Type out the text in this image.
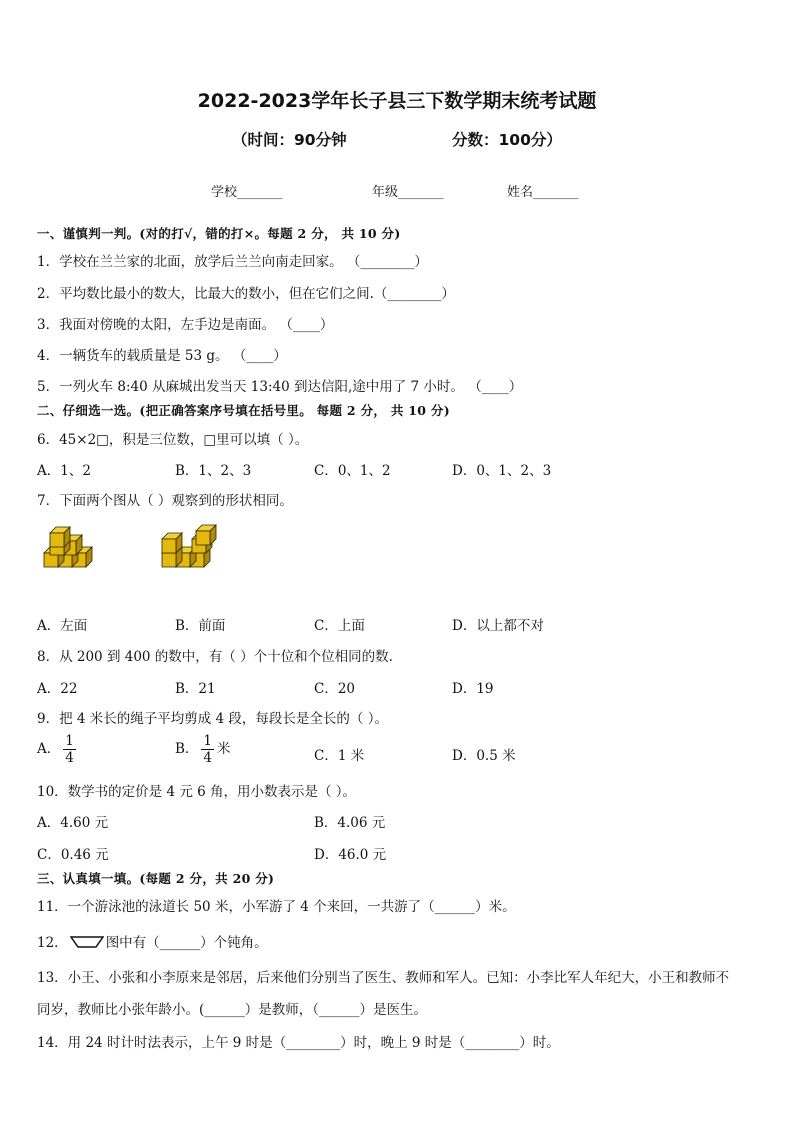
2022-2023学年长子县三下数学期末统考试题
（时间：90分钟	分数：100分）
学校_______	年级_______	姓名_______
一、谨慎判一判。(对的打√，错的打×。每题 2 分， 共 10 分)
1．学校在兰兰家的北面，放学后兰兰向南走回家。 （________）
2．平均数比最小的数大，比最大的数小，但在它们之间.（________）
3．我面对傍晚的太阳，左手边是南面。 （____）
4．一辆货车的载质量是 53 g。 （____）
5．一列火车 8:40 从麻城出发当天 13:40 到达信阳,途中用了 7 小时。 （____）
二、仔细选一选。(把正确答案序号填在括号里。 每题 2 分， 共 10 分)
6．45×2□，积是三位数，□里可以填（ ）。
A．1、2	B．1、2、3	C．0、1、2	D．0、1、2、3
7．下面两个图从（ ）观察到的形状相同。
A．左面	B．前面	C．上面	D．以上都不对
8．从 200 到 400 的数中，有（ ）个十位和个位相同的数.
A．22	B．21	C．20	D．19
9．把 4 米长的绳子平均剪成 4 段，每段长是全长的（ ）。
A． $\frac{1}{4}$	B． $\frac{1}{4}$ 米	C．1 米	D．0.5 米
10．数学书的定价是 4 元 6 角，用小数表示是（ ）。
A．4.60 元	B．4.06 元
C．0.46 元	D．46.0 元
三、认真填一填。(每题 2 分，共 20 分)
11．一个游泳池的泳道长 50 米，小军游了 4 个来回，一共游了（______）米。
12．	图中有（______）个钝角。
13．小王、小张和小李原来是邻居，后来他们分别当了医生、教师和军人。已知：小李比军人年纪大，小王和教师不
同岁，教师比小张年龄小。(______）是教师，（______）是医生。
14．用 24 时计时法表示，上午 9 时是（________）时，晚上 9 时是（________）时。
